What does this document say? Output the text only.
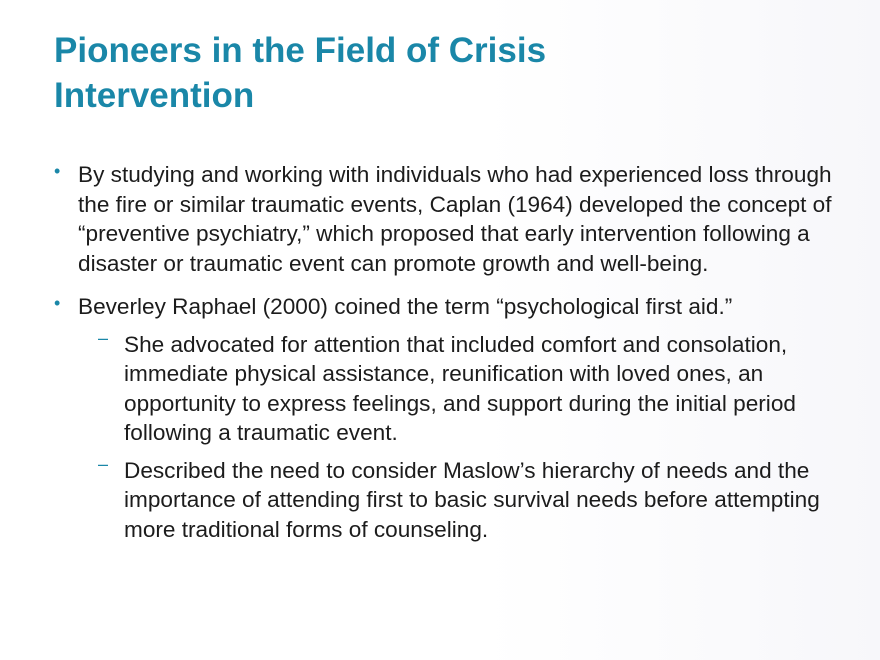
Pioneers in the Field of Crisis
Intervention
• By studying and working with individuals who had experienced loss through the fire or similar traumatic events, Caplan (1964) developed the concept of “preventive psychiatry,” which proposed that early intervention following a disaster or traumatic event can promote growth and well-being.
• Beverley Raphael (2000) coined the term “psychological first aid.”
– She advocated for attention that included comfort and consolation, immediate physical assistance, reunification with loved ones, an opportunity to express feelings, and support during the initial period following a traumatic event.
– Described the need to consider Maslow’s hierarchy of needs and the importance of attending first to basic survival needs before attempting more traditional forms of counseling.
